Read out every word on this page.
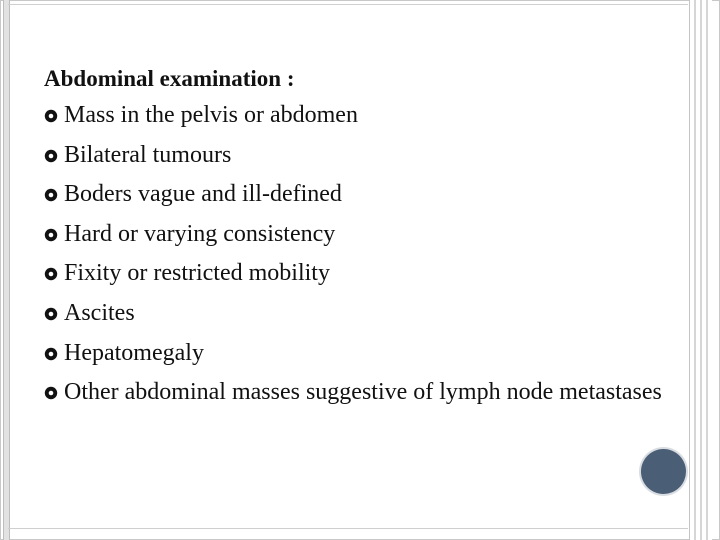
Abdominal examination :
Mass in the pelvis or abdomen
Bilateral tumours
Boders vague and ill-defined
Hard or varying consistency
Fixity or restricted mobility
Ascites
Hepatomegaly
Other abdominal masses suggestive of lymph node metastases
